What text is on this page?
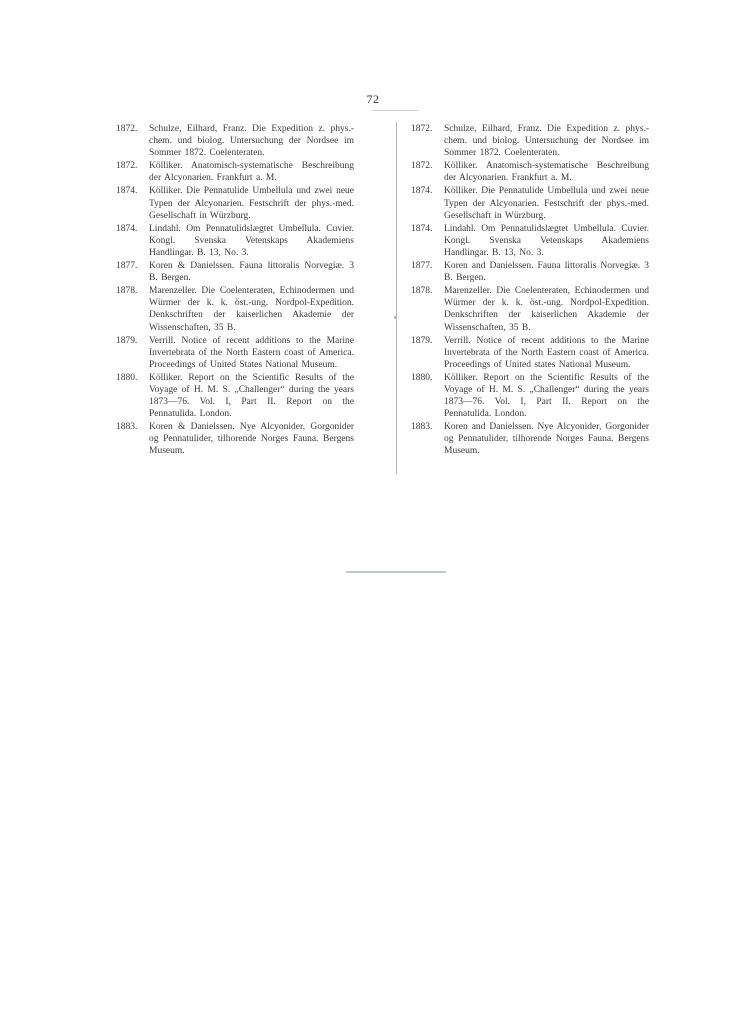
72
1872.	Schulze, Eilhard, Franz. Die Expedition z. phys.-chem. und biolog. Untersuchung der Nordsee im Sommer 1872. Coelenteraten.
1872.	Kölliker. Anatomisch-systematische Beschreibung der Alcyonarien. Frankfurt a. M.
1874.	Kölliker. Die Pennatulide Umbellula und zwei neue Typen der Alcyonarien. Festschrift der phys.-med. Gesellschaft in Würzburg.
1874.	Lindahl. Om Pennatulidslægtet Umbellula. Cuvier. Kongl. Svenska Vetenskaps Akademiens Handlingar. B. 13, No. 3.
1877.	Koren & Danielssen. Fauna littoralis Norvegiæ. 3 B. Bergen.
1878.	Marenzeller. Die Coelenteraten, Echinodermen und Würmer der k. k. öst.-ung. Nordpol-Expedition. Denkschriften der kaiserlichen Akademie der Wissenschaften, 35 B.
1879.	Verrill. Notice of recent additions to the Marine Invertebrata of the North Eastern coast of America. Proceedings of United States National Museum.
1880.	Kölliker. Report on the Scientific Results of the Voyage of H. M. S. „Challenger“ during the years 1873—76. Vol. I, Part II. Report on the Pennatulida. London.
1883.	Koren & Danielssen. Nye Alcyonider, Gorgonider og Pennatulider, tilhorende Norges Fauna. Bergens Museum.
1872.	Schulze, Eilhard, Franz. Die Expedition z. phys.-chem. und biolog. Untersuchung der Nordsee im Sommer 1872. Coelenteraten.
1872.	Kölliker. Anatomisch-systematische Beschreibung der Alcyonarien. Frankfurt a. M.
1874.	Kölliker. Die Pennatulide Umbellula und zwei neue Typen der Alcyonarien. Festschrift der phys.-med. Gesellschaft in Würzburg.
1874.	Lindahl. Om Pennatulidslægtet Umbellula. Cuvier. Kongl. Svenska Vetenskaps Akademiens Handlingar. B. 13, No. 3.
1877.	Koren and Danielssen. Fauna littoralis Norvegiæ. 3 B. Bergen.
1878.	Marenzeller. Die Coelenteraten, Echinodermen und Würmer der k. k. öst.-ung. Nordpol-Expedition. Denkschriften der kaiserlichen Akademie der Wissenschaften, 35 B.
1879.	Verrill. Notice of recent additions to the Marine Invertebrata of the North Eastern coast of America. Proceedings of United states National Museum.
1880.	Kölliker. Report on the Scientific Results of the Voyage of H. M. S. „Challenger“ during the years 1873—76. Vol. I, Part II. Report on the Pennatulida. London.
1883.	Koren and Danielssen. Nye Alcyonider, Gorgonider og Pennatulider, tilhorende Norges Fauna. Bergens Museum.
